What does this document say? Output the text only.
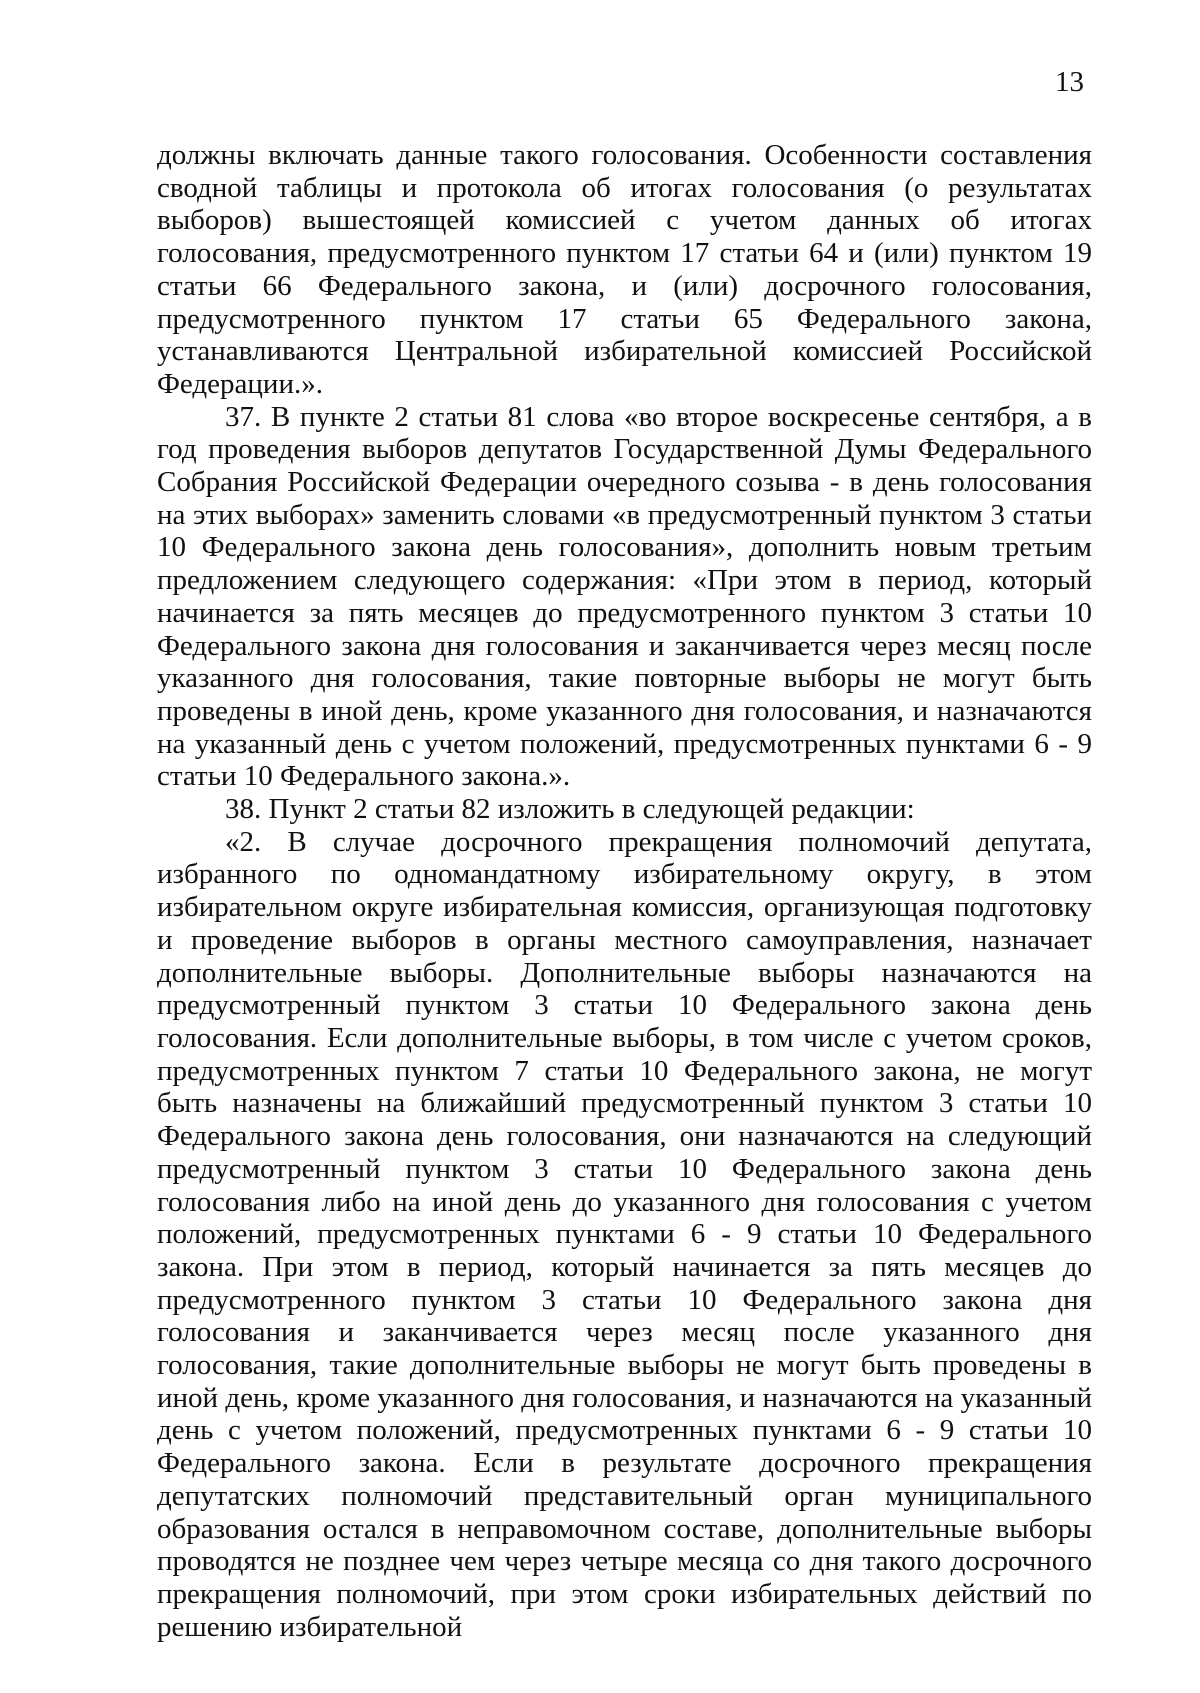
13

должны включать данные такого голосования. Особенности составления сводной таблицы и протокола об итогах голосования (о результатах выборов) вышестоящей комиссией с учетом данных об итогах голосования, предусмотренного пунктом 17 статьи 64 и (или) пунктом 19 статьи 66 Федерального закона, и (или) досрочного голосования, предусмотренного пунктом 17 статьи 65 Федерального закона, устанавливаются Центральной избирательной комиссией Российской Федерации.».

37. В пункте 2 статьи 81 слова «во второе воскресенье сентября, а в год проведения выборов депутатов Государственной Думы Федерального Собрания Российской Федерации очередного созыва - в день голосования на этих выборах» заменить словами «в предусмотренный пунктом 3 статьи 10 Федерального закона день голосования», дополнить новым третьим предложением следующего содержания: «При этом в период, который начинается за пять месяцев до предусмотренного пунктом 3 статьи 10 Федерального закона дня голосования и заканчивается через месяц после указанного дня голосования, такие повторные выборы не могут быть проведены в иной день, кроме указанного дня голосования, и назначаются на указанный день с учетом положений, предусмотренных пунктами 6 - 9 статьи 10 Федерального закона.».

38. Пункт 2 статьи 82 изложить в следующей редакции:

«2. В случае досрочного прекращения полномочий депутата, избранного по одномандатному избирательному округу, в этом избирательном округе избирательная комиссия, организующая подготовку и проведение выборов в органы местного самоуправления, назначает дополнительные выборы. Дополнительные выборы назначаются на предусмотренный пунктом 3 статьи 10 Федерального закона день голосования. Если дополнительные выборы, в том числе с учетом сроков, предусмотренных пунктом 7 статьи 10 Федерального закона, не могут быть назначены на ближайший предусмотренный пунктом 3 статьи 10 Федерального закона день голосования, они назначаются на следующий предусмотренный пунктом 3 статьи 10 Федерального закона день голосования либо на иной день до указанного дня голосования с учетом положений, предусмотренных пунктами 6 - 9 статьи 10 Федерального закона. При этом в период, который начинается за пять месяцев до предусмотренного пунктом 3 статьи 10 Федерального закона дня голосования и заканчивается через месяц после указанного дня голосования, такие дополнительные выборы не могут быть проведены в иной день, кроме указанного дня голосования, и назначаются на указанный день с учетом положений, предусмотренных пунктами 6 - 9 статьи 10 Федерального закона. Если в результате досрочного прекращения депутатских полномочий представительный орган муниципального образования остался в неправомочном составе, дополнительные выборы проводятся не позднее чем через четыре месяца со дня такого досрочного прекращения полномочий, при этом сроки избирательных действий по решению избирательной
